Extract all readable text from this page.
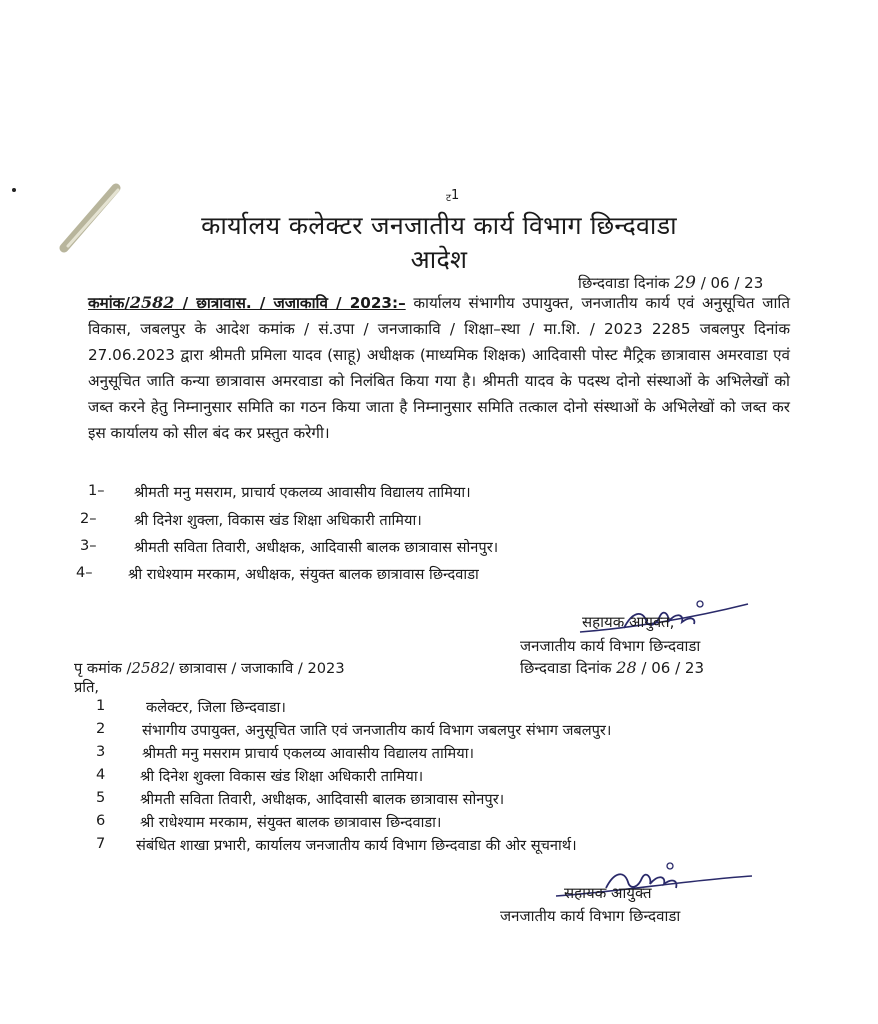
ट1
कार्यालय कलेक्टर जनजातीय कार्य विभाग छिन्दवाडा
आदेश
छिन्दवाडा दिनांक 29 / 06 / 23
कमांक/2582 / छात्रावास. / जजाकावि / 2023:– कार्यालय संभागीय उपायुक्त, जनजातीय कार्य एवं अनुसूचित जाति विकास, जबलपुर के आदेश कमांक / सं.उपा / जनजाकावि / शिक्षा–स्था / मा.शि. / 2023 2285 जबलपुर दिनांक 27.06.2023 द्वारा श्रीमती प्रमिला यादव (साहू) अधीक्षक (माध्यमिक शिक्षक) आदिवासी पोस्ट मैट्रिक छात्रावास अमरवाडा एवं अनुसूचित जाति कन्या छात्रावास अमरवाडा को निलंबित किया गया है। श्रीमती यादव के पदस्थ दोनो संस्थाओं के अभिलेखों को जब्त करने हेतु निम्नानुसार समिति का गठन किया जाता है निम्नानुसार समिति तत्काल दोनो संस्थाओं के अभिलेखों को जब्त कर इस कार्यालय को सील बंद कर प्रस्तुत करेगी।
1– श्रीमती मनु मसराम, प्राचार्य एकलव्य आवासीय विद्यालय तामिया।
2–	श्री दिनेश शुक्ला, विकास खंड शिक्षा अधिकारी तामिया।
3–	श्रीमती सविता तिवारी, अधीक्षक, आदिवासी बालक छात्रावास सोनपुर।
4– श्री राधेश्याम मरकाम, अधीक्षक, संयुक्त बालक छात्रावास छिन्दवाडा
सहायक आयुक्त,
जनजातीय कार्य विभाग छिन्दवाडा
छिन्दवाडा दिनांक 28 / 06 / 23
पृ कमांक /2582/ छात्रावास / जजाकावि / 2023
प्रति,
1	कलेक्टर, जिला छिन्दवाडा।
2	संभागीय उपायुक्त, अनुसूचित जाति एवं जनजातीय कार्य विभाग जबलपुर संभाग जबलपुर।
3	श्रीमती मनु मसराम प्राचार्य एकलव्य आवासीय विद्यालय तामिया।
4 श्री दिनेश शुक्ला विकास खंड शिक्षा अधिकारी तामिया।
5 श्रीमती सविता तिवारी, अधीक्षक, आदिवासी बालक छात्रावास सोनपुर।
6 श्री राधेश्याम मरकाम, संयुक्त बालक छात्रावास छिन्दवाडा।
7 संबंधित शाखा प्रभारी, कार्यालय जनजातीय कार्य विभाग छिन्दवाडा की ओर सूचनार्थ।
सहायक आयुक्त
जनजातीय कार्य विभाग छिन्दवाडा
